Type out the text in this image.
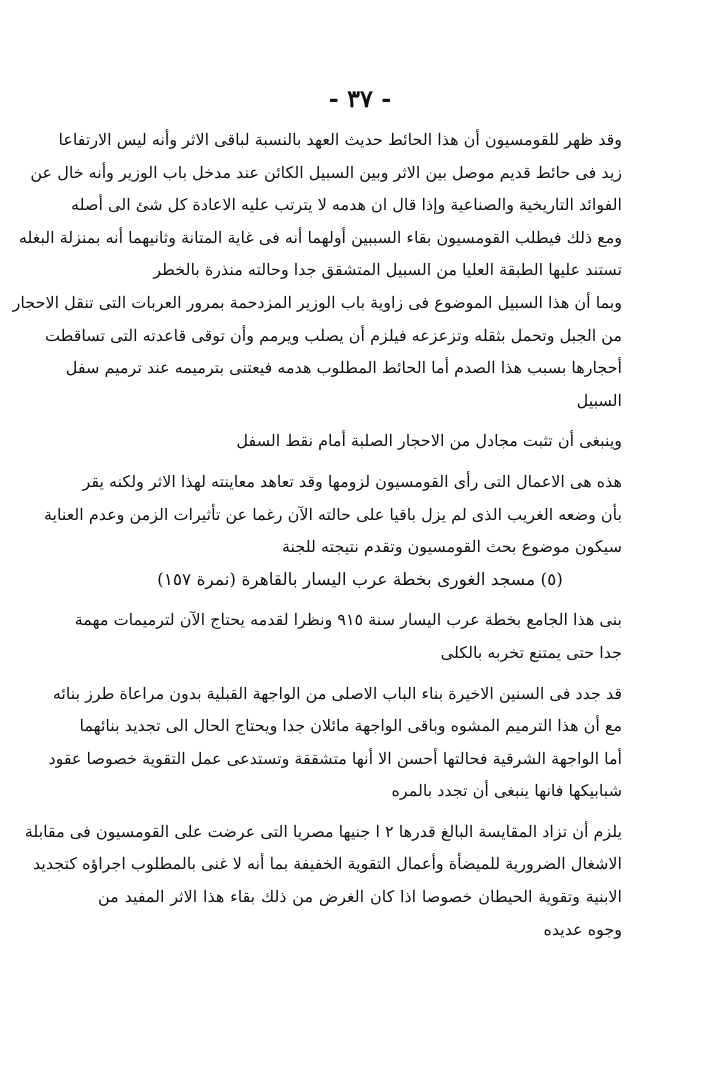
- ٣٧ -
وقد ظهر للقومسيون أن هذا الحائط حديث العهد بالنسبة لباقى الاثر وأنه ليس الارتفاعا
زيد فى حائط قديم موصل بين الاثر وبين السبيل الكائن عند مدخل باب الوزير وأنه خال عن
الفوائد التاريخية والصناعية وإذا قال ان هدمه لا يترتب عليه الاعادة كل شئ الى أصله
ومع ذلك فيطلب القومسيون بقاء السببين أولهما أنه فى غاية المتانة وثانيهما أنه بمنزلة البغله
تستند عليها الطبقة العليا من السبيل المتشقق جدا وحالته منذرة بالخطر
وبما أن هذا السبيل الموضوع فى زاوية باب الوزير المزدحمة بمرور العربات التى تنقل الاحجار
من الجبل وتحمل بثقله وتزعزعه فيلزم أن يصلب ويرمم وأن توقى قاعدته التى تساقطت
أحجارها بسبب هذا الصدم أما الحائط المطلوب هدمه فيعتنى بترميمه عند ترميم سفل
السبيل
وينبغى أن تثبت مجادل من الاحجار الصلبة أمام نقط السفل
هذه هى الاعمال التى رأى القومسيون لزومها وقد تعاهد معاينته لهذا الاثر ولكنه يقر
بأن وضعه الغريب الذى لم يزل باقيا على حالته الآن رغما عن تأثيرات الزمن وعدم العناية
سيكون موضوع بحث القومسيون وتقدم نتيجته للجنة
(٥) مسجد الغورى بخطة عرب اليسار بالقاهرة (نمرة ١٥٧)
بنى هذا الجامع بخطة عرب اليسار سنة ٩١٥ ونظرا لقدمه يحتاج الآن لترميمات مهمة
جدا حتى يمتنع تخربه بالكلى
قد جدد فى السنين الاخيرة بناء الباب الاصلى من الواجهة القبلية بدون مراعاة طرز بنائه
مع أن هذا الترميم المشوه وباقى الواجهة مائلان جدا ويحتاج الحال الى تجديد بنائهما
أما الواجهة الشرقية فحالتها أحسن الا أنها متشققة وتستدعى عمل التقوية خصوصا عقود
شبابيكها فانها ينبغى أن تجدد بالمره
يلزم أن تزاد المقايسة البالغ قدرها ٢ ا جنيها مصريا التى عرضت على القومسيون فى مقابلة
الاشغال الضرورية للميضأة وأعمال التقوية الخفيفة بما أنه لا غنى بالمطلوب اجراؤه كتجديد
الابنية وتقوية الحيطان خصوصا اذا كان الغرض من ذلك بقاء هذا الاثر المفيد من
وجوه عديده
